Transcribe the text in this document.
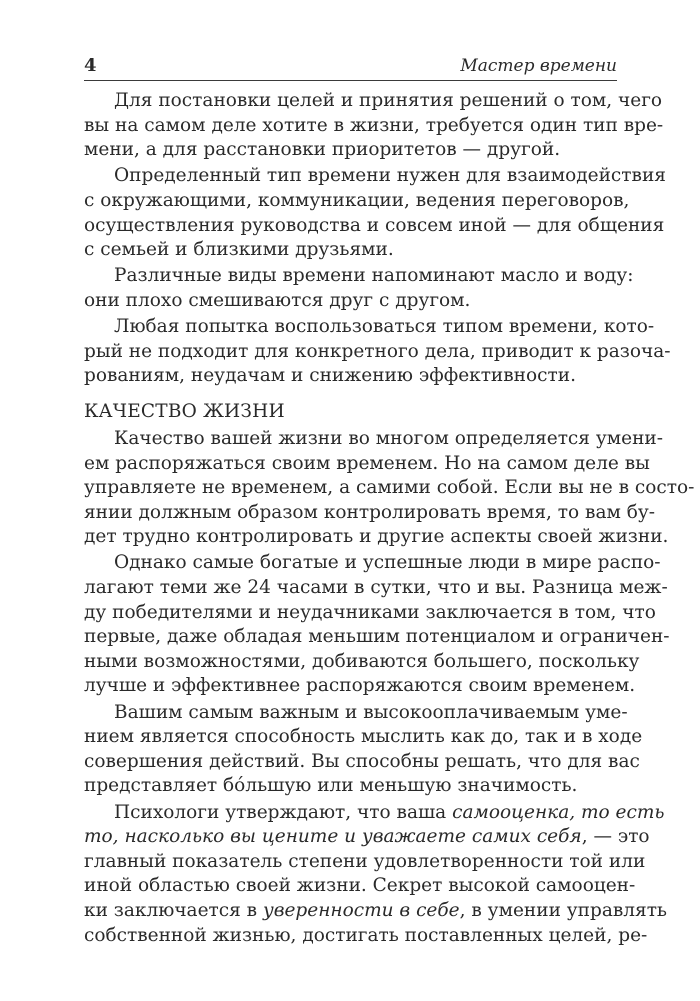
4	Мастер времени
Для постановки целей и принятия решений о том, чего
вы на самом деле хотите в жизни, требуется один тип вре-
мени, а для расстановки приоритетов — другой.
Определенный тип времени нужен для взаимодействия
с окружающими, коммуникации, ведения переговоров,
осуществления руководства и совсем иной — для общения
с семьей и близкими друзьями.
Различные виды времени напоминают масло и воду:
они плохо смешиваются друг с другом.
Любая попытка воспользоваться типом времени, кото-
рый не подходит для конкретного дела, приводит к разоча-
рованиям, неудачам и снижению эффективности.
КАЧЕСТВО ЖИЗНИ
Качество вашей жизни во многом определяется умени-
ем распоряжаться своим временем. Но на самом деле вы
управляете не временем, а самими собой. Если вы не в состо-
янии должным образом контролировать время, то вам бу-
дет трудно контролировать и другие аспекты своей жизни.
Однако самые богатые и успешные люди в мире распо-
лагают теми же 24 часами в сутки, что и вы. Разница меж-
ду победителями и неудачниками заключается в том, что
первые, даже обладая меньшим потенциалом и ограничен-
ными возможностями, добиваются большего, поскольку
лучше и эффективнее распоряжаются своим временем.
Вашим самым важным и высокооплачиваемым уме-
нием является способность мыслить как до, так и в ходе
совершения действий. Вы способны решать, что для вас
представляет бóльшую или меньшую значимость.
Психологи утверждают, что ваша самооценка, то есть
то, насколько вы цените и уважаете самих себя, — это
главный показатель степени удовлетворенности той или
иной областью своей жизни. Секрет высокой самооцен-
ки заключается в уверенности в себе, в умении управлять
собственной жизнью, достигать поставленных целей, ре-
